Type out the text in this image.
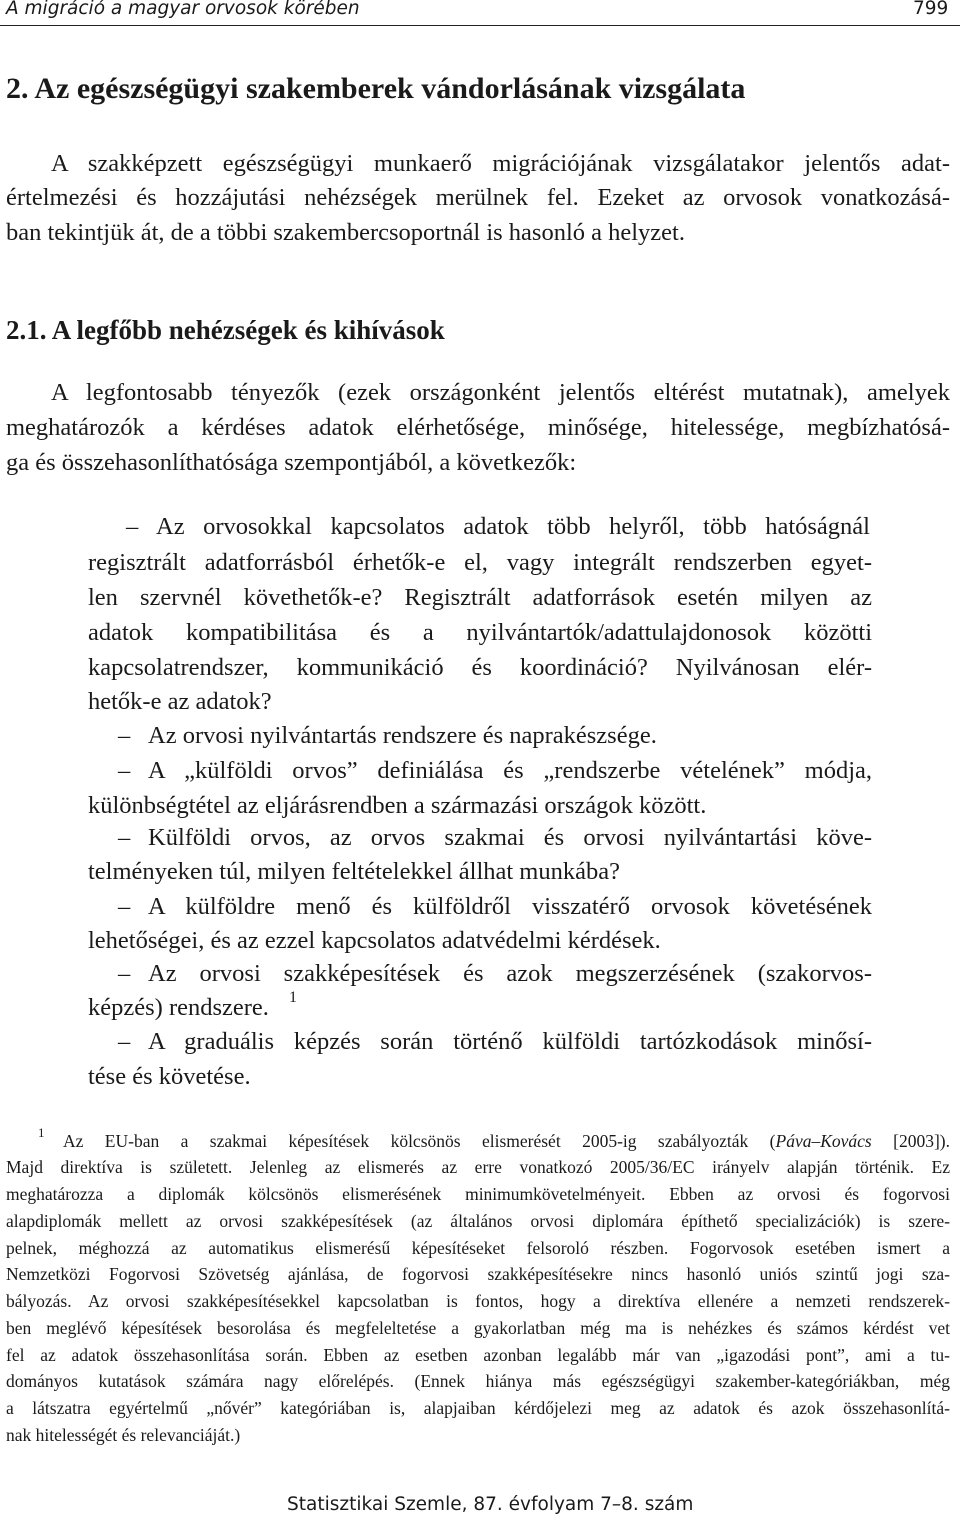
A migráció a magyar orvosok körében	799
2. Az egészségügyi szakemberek vándorlásának vizsgálata

A szakképzett egészségügyi munkaerő migrációjának vizsgálatakor jelentős adat-

értelmezési és hozzájutási nehézségek merülnek fel. Ezeket az orvosok vonatkozásá-

ban tekintjük át, de a többi szakembercsoportnál is hasonló a helyzet.

2.1. A legfőbb nehézségek és kihívások

A legfontosabb tényezők (ezek országonként jelentős eltérést mutatnak), amelyek

meghatározók a kérdéses adatok elérhetősége, minősége, hitelessége, megbízhatósá-

ga és összehasonlíthatósága szempontjából, a következők:

– Az orvosokkal kapcsolatos adatok több helyről, több hatóságnál
regisztrált adatforrásból érhetők-e el, vagy integrált rendszerben egyet-
len szervnél követhetők-e? Regisztrált adatforrások esetén milyen az
adatok kompatibilitása és a nyilvántartók/adattulajdonosok közötti
kapcsolatrendszer, kommunikáció és koordináció? Nyilvánosan elér-
hetők-e az adatok?
– Az orvosi nyilvántartás rendszere és naprakészsége.
– A „külföldi orvos” definiálása és „rendszerbe vételének” módja,
különbségtétel az eljárásrendben a származási országok között.
– Külföldi orvos, az orvos szakmai és orvosi nyilvántartási köve-
telményeken túl, milyen feltételekkel állhat munkába?
– A külföldre menő és külföldről visszatérő orvosok követésének
lehetőségei, és az ezzel kapcsolatos adatvédelmi kérdések.
– Az orvosi szakképesítések és azok megszerzésének (szakorvos-
képzés) rendszere. 1
– A graduális képzés során történő külföldi tartózkodások minősí-
tése és követése.
1 Az EU-ban a szakmai képesítések kölcsönös elismerését 2005-ig szabályozták (Páva–Kovács [2003]).
Majd direktíva is született. Jelenleg az elismerés az erre vonatkozó 2005/36/EC irányelv alapján történik. Ez
meghatározza a diplomák kölcsönös elismerésének minimumkövetelményeit. Ebben az orvosi és fogorvosi
alapdiplomák mellett az orvosi szakképesítések (az általános orvosi diplomára építhető specializációk) is szere-
pelnek, méghozzá az automatikus elismerésű képesítéseket felsoroló részben. Fogorvosok esetében ismert a
Nemzetközi Fogorvosi Szövetség ajánlása, de fogorvosi szakképesítésekre nincs hasonló uniós szintű jogi sza-
bályozás. Az orvosi szakképesítésekkel kapcsolatban is fontos, hogy a direktíva ellenére a nemzeti rendszerek-
ben meglévő képesítések besorolása és megfeleltetése a gyakorlatban még ma is nehézkes és számos kérdést vet
fel az adatok összehasonlítása során. Ebben az esetben azonban legalább már van „igazodási pont”, ami a tu-
dományos kutatások számára nagy előrelépés. (Ennek hiánya más egészségügyi szakember-kategóriákban, még
a látszatra egyértelmű „nővér” kategóriában is, alapjaiban kérdőjelezi meg az adatok és azok összehasonlítá-
nak hitelességét és relevanciáját.)
Statisztikai Szemle, 87. évfolyam 7–8. szám
